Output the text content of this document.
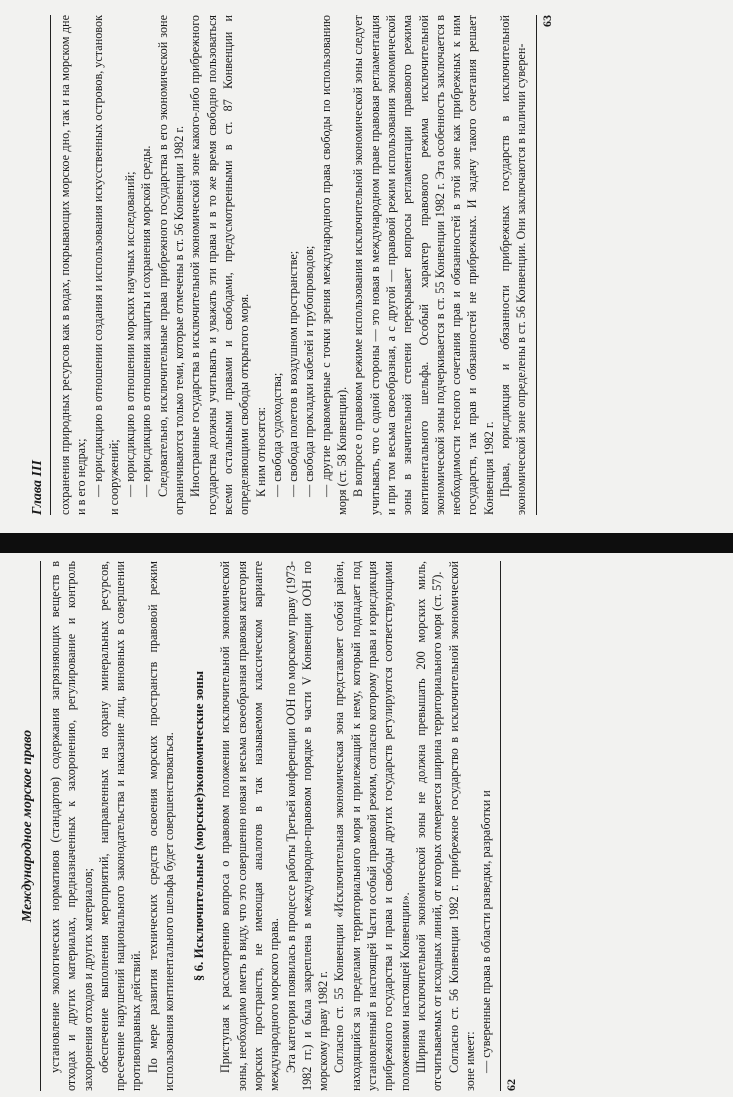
Глава III	сохранения природных ресурсов как в водах, покрывающих морское дно, так и на морском дне и в его недрах; — юрисдикцию в отношении создания и использования искусственных островов, установок и сооружений; — юрисдикцию в отношении морских научных исследований; — юрисдикцию в отношении защиты и сохранения морской среды. Следовательно, исключительные права прибрежного государства в его экономической зоне ограничиваются только теми, которые отмечены в ст. 56 Конвенции 1982 г. Иностранные государства в исключительной экономической зоне какого-либо прибрежного государства должны учитывать и уважать эти права и в то же время свободно пользоваться всеми остальными правами и свободами, предусмотренными в ст. 87 Конвенции и определяющими свободы открытого моря. К ним относятся: — свобода судоходства; — свобода полетов в воздушном пространстве; — свобода прокладки кабелей и трубопроводов; — другие правомерные с точки зрения международного права свободы по использованию моря (ст. 58 Конвенции). В вопросе о правовом режиме использования исключительной экономической зоны следует учитывать, что с одной стороны — это новая в международном праве правовая регламентация и при том весьма своеобразная, а с другой — правовой режим использования экономической зоны в значительной степени перекрывает вопросы регламентации правового режима континентального шельфа. Особый характер правового режима исключительной экономической зоны подчеркивается в ст. 55 Конвенции 1982 г. Эта особенность заключается в необходимости тесного сочетания прав и обязанностей в этой зоне как прибрежных к ним государств, так прав и обязанностей не прибрежных. И задачу такого сочетания решает Конвенция 1982 г. Права, юрисдикция и обязанности прибрежных государств в исключительной экономической зоне определены в ст. 56 Конвенции. Они заключаются в наличии суверен-

63
Международное морское право	установление экологических нормативов (стандартов) содержания загрязняющих веществ в отходах и других материалах, предназначенных к захоронению, регулирование и контроль захоронения отходов и других материалов; обеспечение выполнения мероприятий, направленных на охрану минеральных ресурсов, пресечение нарушений национального законодательства и наказание лиц, виновных в совершении противоправных действий. По мере развития технических средств освоения морских пространств правовой режим использования континентального шельфа будет совершенствоваться. § 6. Исключительные (морские)экономические зоны Приступая к рассмотрению вопроса о правовом положении исключительной экономической зоны, необходимо иметь в виду, что это совершенно новая и весьма своеобразная правовая категория морских пространств, не имеющая аналогов в так называемом классическом варианте международного морского права. Эта категория появилась в процессе работы Третьей конференции ООН по морскому праву (1973-1982 гг.) и была закреплена в международно-правовом порядке в части V Конвенции ООН по морскому праву 1982 г. Согласно ст. 55 Конвенции «Исключительная экономическая зона представляет собой район, находящийся за пределами территориального моря и прилежащий к нему, который подпадает под установленный в настоящей Части особый правовой режим, согласно которому права и юрисдикция прибрежного государства и права и свободы других государств регулируются соответствующими положениями настоящей Конвенции». Ширина исключительной экономической зоны не должна превышать 200 морских миль, отсчитываемых от исходных линий, от которых отмеряется ширина территориального моря (ст. 57). Согласно ст. 56 Конвенции 1982 г. прибрежное государство в исключительной экономической зоне имеет: — суверенные права в области разведки, разработки и

62
